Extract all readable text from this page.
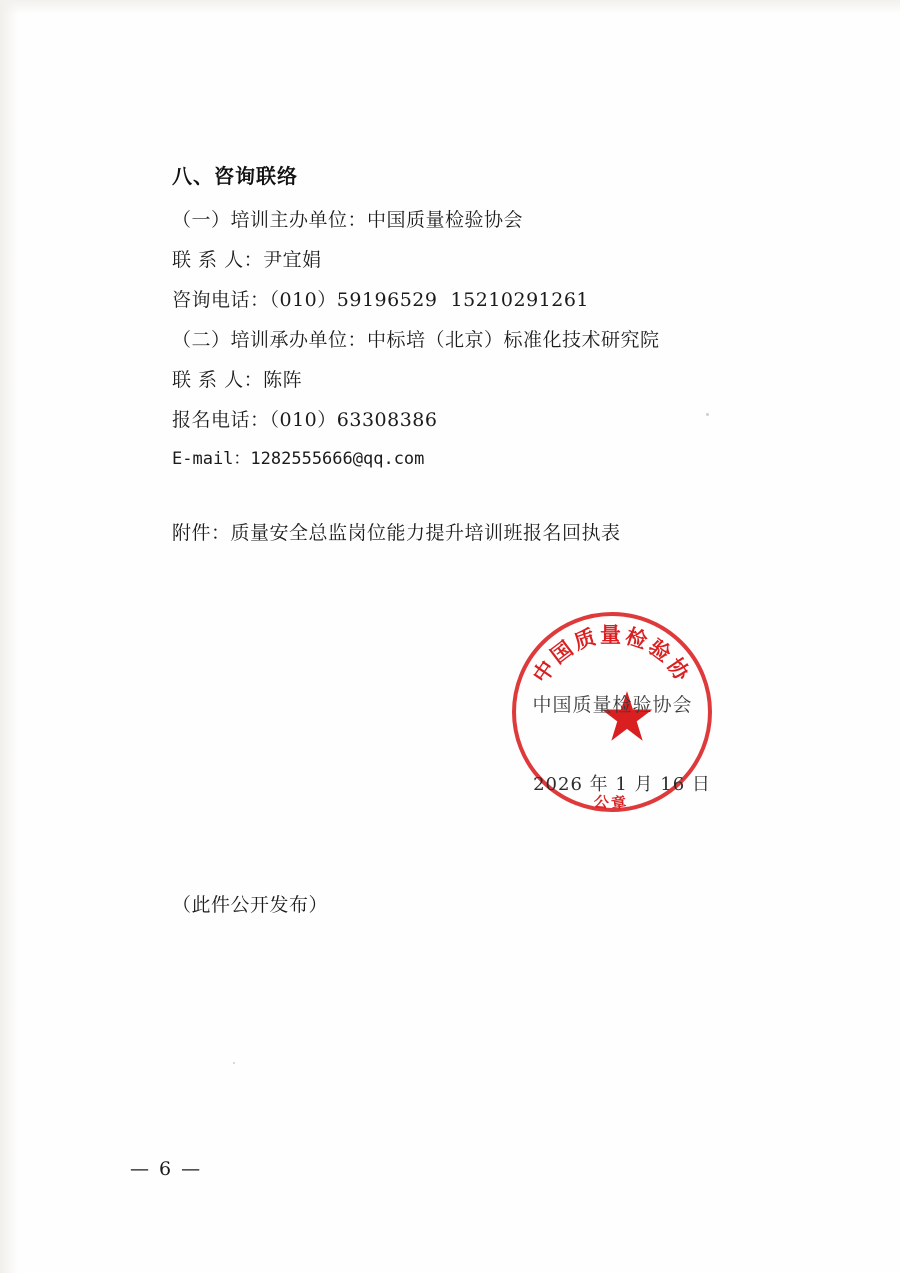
八、咨询联络

（一）培训主办单位：中国质量检验协会

联 系 人：尹宜娟

咨询电话：（010）59196529  15210291261

（二）培训承办单位：中标培（北京）标准化技术研究院

联 系 人：陈阵

报名电话：（010）63308386

E-mail：1282555666@qq.com

附件：质量安全总监岗位能力提升培训班报名回执表

中国质量检验协
公章
中国质量检验协会
2026 年 1 月 16 日
（此件公开发布）
— 6 —
